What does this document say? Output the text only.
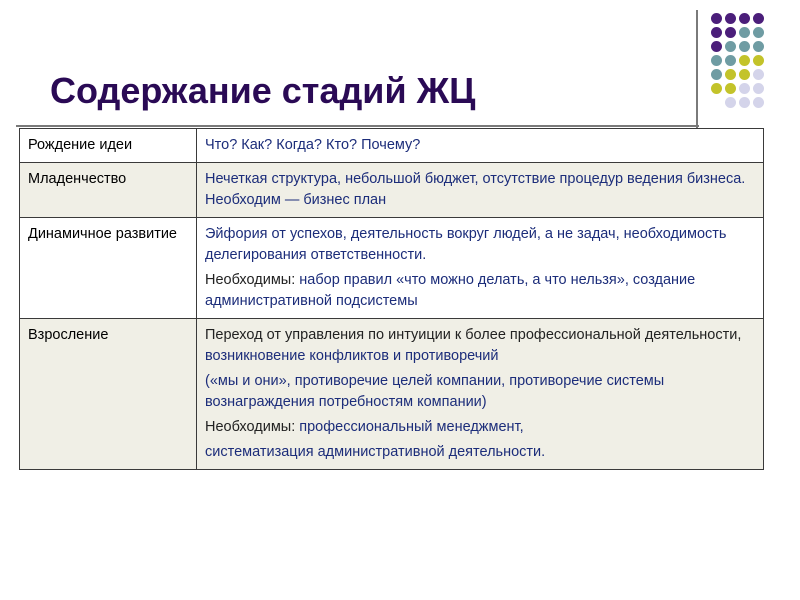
Содержание стадий ЖЦ
Рождение идеи	Что? Как? Когда? Кто? Почему?

Младенчество	Нечеткая структура, небольшой бюджет, отсутствие процедур ведения бизнеса. Необходим — бизнес план

Динамичное развитие	Эйфория от успехов, деятельность вокруг людей, а не задач, необходимость делегирования ответственности.

Необходимы: набор правил «что можно делать, а что нельзя», создание административной подсистемы

Взросление	Переход от управления по интуиции к более профессиональной деятельности, возникновение конфликтов и противоречий

(«мы и они», противоречие целей компании, противоречие системы вознаграждения потребностям компании)

Необходимы: профессиональный менеджмент,

систематизация административной деятельности.
